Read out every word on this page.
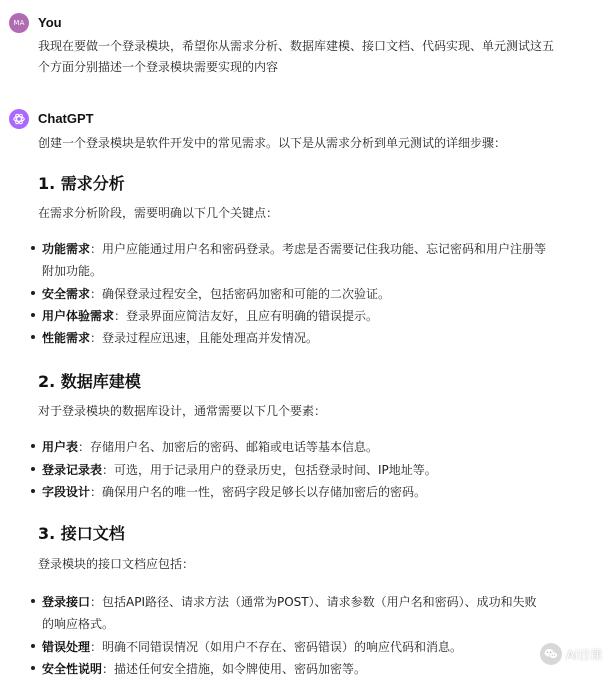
MA	You
我现在要做一个登录模块，希望你从需求分析、数据库建模、接口文档、代码实现、单元测试这五
个方面分别描述一个登录模块需要实现的内容
ChatGPT
创建一个登录模块是软件开发中的常见需求。以下是从需求分析到单元测试的详细步骤：
1. 需求分析
在需求分析阶段，需要明确以下几个关键点：
功能需求：用户应能通过用户名和密码登录。考虑是否需要记住我功能、忘记密码和用户注册等
附加功能。
安全需求：确保登录过程安全，包括密码加密和可能的二次验证。
用户体验需求：登录界面应简洁友好，且应有明确的错误提示。
性能需求：登录过程应迅速，且能处理高并发情况。
2. 数据库建模
对于登录模块的数据库设计，通常需要以下几个要素：
用户表：存储用户名、加密后的密码、邮箱或电话等基本信息。
登录记录表：可选，用于记录用户的登录历史，包括登录时间、IP地址等。
字段设计：确保用户名的唯一性，密码字段足够长以存储加密后的密码。
3. 接口文档
登录模块的接口文档应包括：
登录接口：包括API路径、请求方法（通常为POST）、请求参数（用户名和密码）、成功和失败
的响应格式。
错误处理：明确不同错误情况（如用户不存在、密码错误）的响应代码和消息。
安全性说明：描述任何安全措施，如令牌使用、密码加密等。
AI日课
